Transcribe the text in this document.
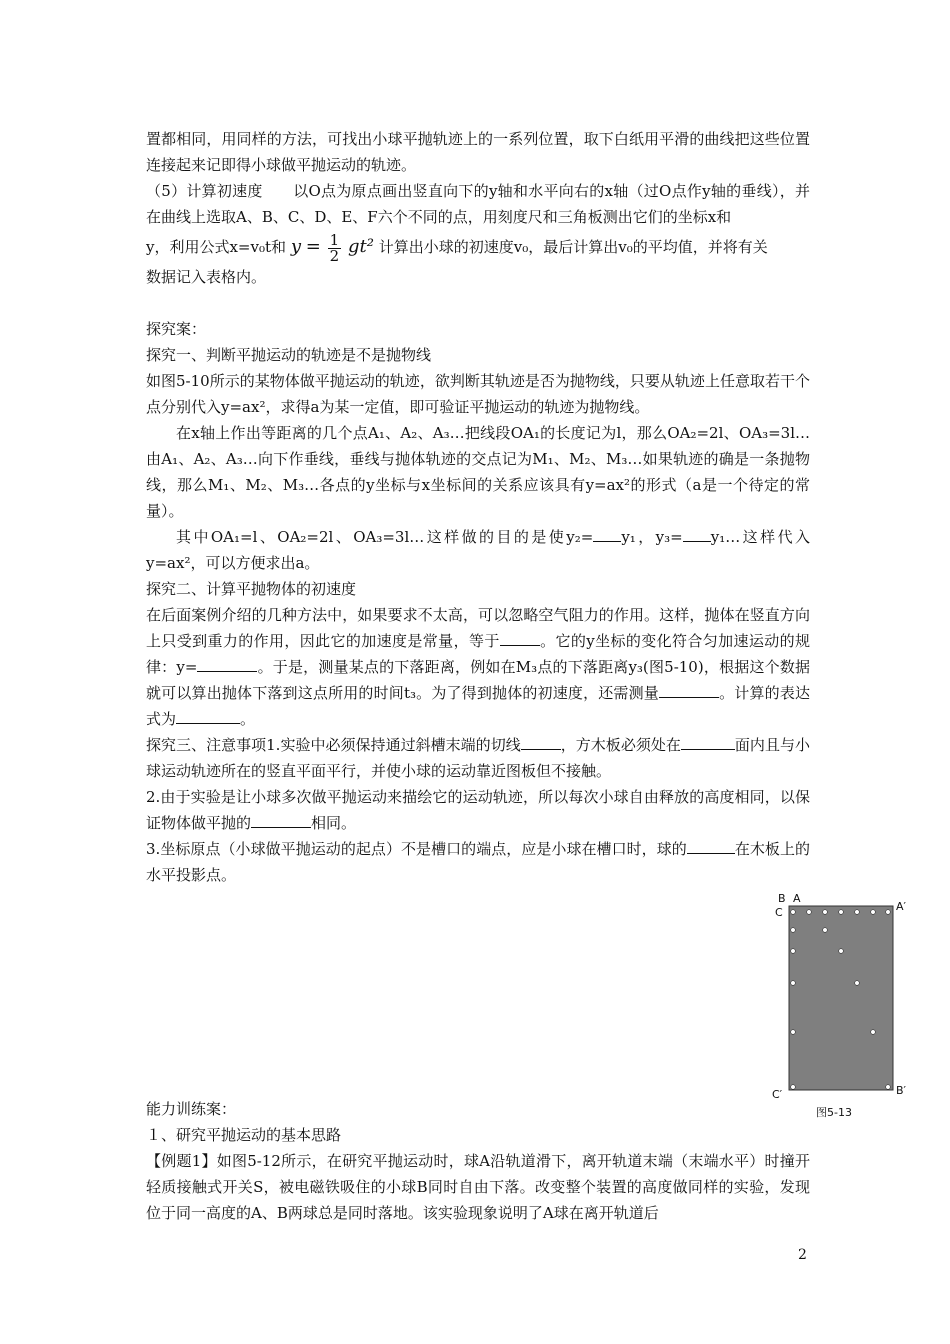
置都相同，用同样的方法，可找出小球平抛轨迹上的一系列位置，取下白纸用平滑的曲线把这些位置连接起来记即得小球做平抛运动的轨迹。

（5）计算初速度　　以O点为原点画出竖直向下的y轴和水平向右的x轴（过O点作y轴的垂线），并在曲线上选取A、B、C、D、E、F六个不同的点，用刻度尺和三角板测出它们的坐标x和

y，利用公式x=v₀t和 $y = \frac{1}{2} gt^2$ 计算出小球的初速度v₀，最后计算出v₀的平均值，并将有关

数据记入表格内。

探究案：

探究一、判断平抛运动的轨迹是不是抛物线

如图5-10所示的某物体做平抛运动的轨迹，欲判断其轨迹是否为抛物线，只要从轨迹上任意取若干个点分别代入y=ax²，求得a为某一定值，即可验证平抛运动的轨迹为抛物线。

在x轴上作出等距离的几个点A₁、A₂、A₃…把线段OA₁的长度记为l，那么OA₂=2l、OA₃=3l…由A₁、A₂、A₃…向下作垂线，垂线与抛体轨迹的交点记为M₁、M₂、M₃…如果轨迹的确是一条抛物线，那么M₁、M₂、M₃…各点的y坐标与x坐标间的关系应该具有y=ax²的形式（a是一个待定的常量）。

其中OA₁=l、OA₂=2l、OA₃=3l…这样做的目的是使y₂= y₁，y₃= y₁…这样代入y=ax²，可以方便求出a。

探究二、计算平抛物体的初速度

在后面案例介绍的几种方法中，如果要求不太高，可以忽略空气阻力的作用。这样，抛体在竖直方向上只受到重力的作用，因此它的加速度是常量，等于	。它的y坐标的变化符合匀加速运动的规律：y=	。于是，测量某点的下落距离，例如在M₃点的下落距离y₃(图5-10)，根据这个数据就可以算出抛体下落到这点所用的时间t₃。为了得到抛体的初速度，还需测量	。计算的表达式为	。

探究三、注意事项1.实验中必须保持通过斜槽末端的切线	，方木板必须处在	面内且与小球运动轨迹所在的竖直平面平行，并使小球的运动靠近图板但不接触。

2.由于实验是让小球多次做平抛运动来描绘它的运动轨迹，所以每次小球自由释放的高度相同，以保证物体做平抛的	相同。

3.坐标原点（小球做平抛运动的起点）不是槽口的端点，应是小球在槽口时，球的	在木板上的水平投影点。

B A
C	A′
C′	B′
图5-13

能力训练案：

１、研究平抛运动的基本思路

【例题1】如图5-12所示，在研究平抛运动时，球A沿轨道滑下，离开轨道末端（末端水平）时撞开轻质接触式开关S，被电磁铁吸住的小球B同时自由下落。改变整个装置的高度做同样的实验，发现位于同一高度的A、B两球总是同时落地。该实验现象说明了A球在离开轨道后

2
